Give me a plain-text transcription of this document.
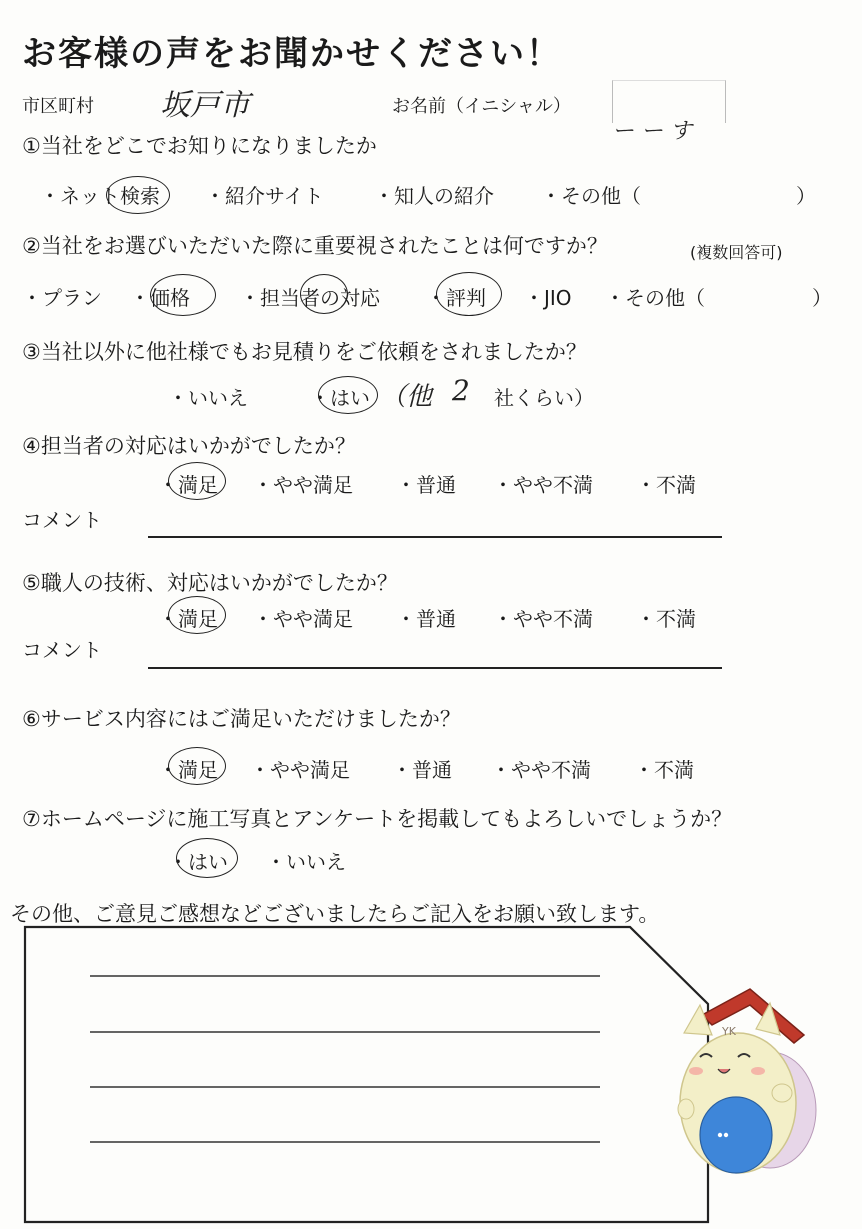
お客様の声をお聞かせください！
市区町村 坂戸市	お名前（イニシャル）
ー ー す
①当社をどこでお知りになりましたか
・ネット検索 ・紹介サイト	・知人の紹介 ・その他（	）
②当社をお選びいただいた際に重要視されたことは何ですか？	(複数回答可)
・プラン ・価格	・担当者の対応 ・評判 ・JIO ・その他（	）
③当社以外に他社様でもお見積りをご依頼をされましたか？
・いいえ	・はい （他 2 社くらい）
④担当者の対応はいかがでしたか？
・満足 ・やや満足 ・普通 ・やや不満 ・不満
コメント
⑤職人の技術、対応はいかがでしたか？
・満足 ・やや満足 ・普通 ・やや不満 ・不満
コメント
⑥サービス内容にはご満足いただけましたか？
・満足 ・やや満足 ・普通 ・やや不満 ・不満
⑦ホームページに施工写真とアンケートを掲載してもよろしいでしょうか？
・はい ・いいえ
その他、ご意見ご感想などございましたらご記入をお願い致します。
YK
